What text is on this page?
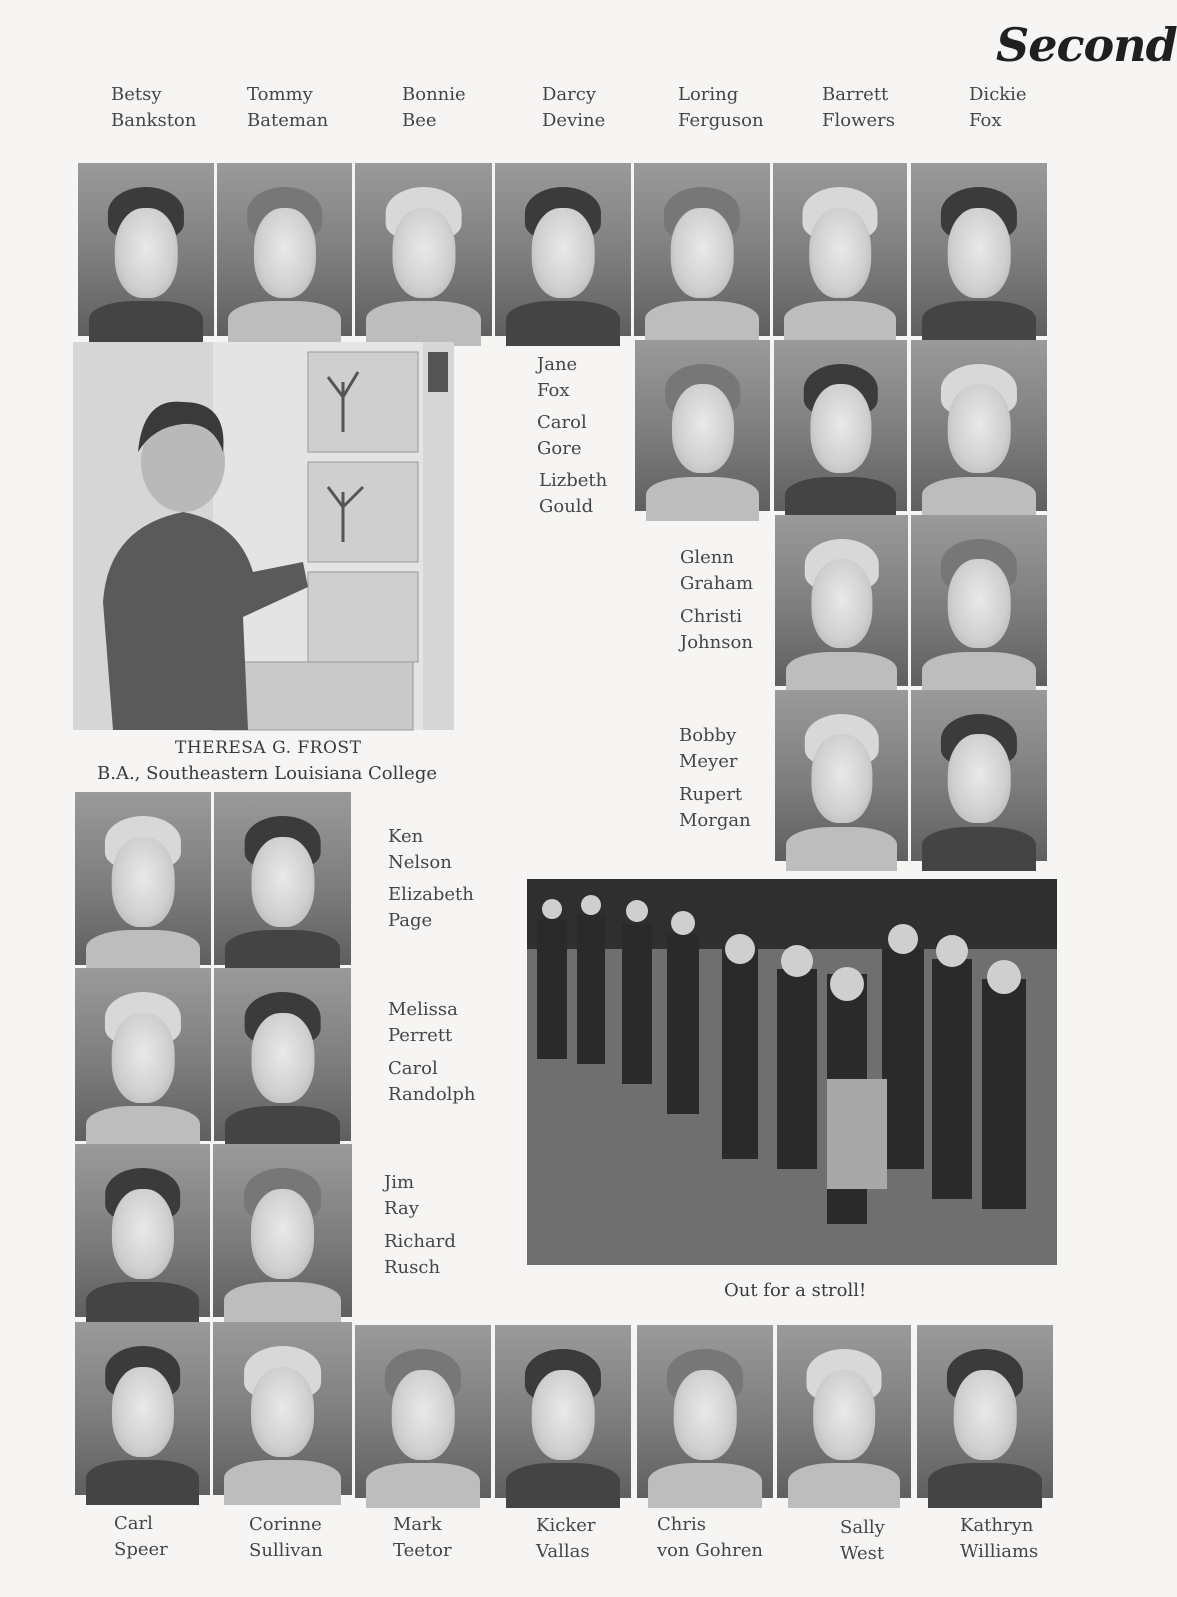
Second
Betsy
Bankston
Tommy
Bateman
Bonnie
Bee
Darcy
Devine
Loring
Ferguson
Barrett
Flowers
Dickie
Fox
THERESA G. FROST
B.A., Southeastern Louisiana College
Jane
Fox
Carol
Gore
Lizbeth
Gould
Glenn
Graham
Christi
Johnson
Bobby
Meyer
Rupert
Morgan
Ken
Nelson
Elizabeth
Page
Melissa
Perrett
Carol
Randolph
Jim
Ray
Richard
Rusch
Out for a stroll!
Carl
Speer
Corinne
Sullivan
Mark
Teetor
Kicker
Vallas
Chris
von Gohren
Sally
West
Kathryn
Williams
